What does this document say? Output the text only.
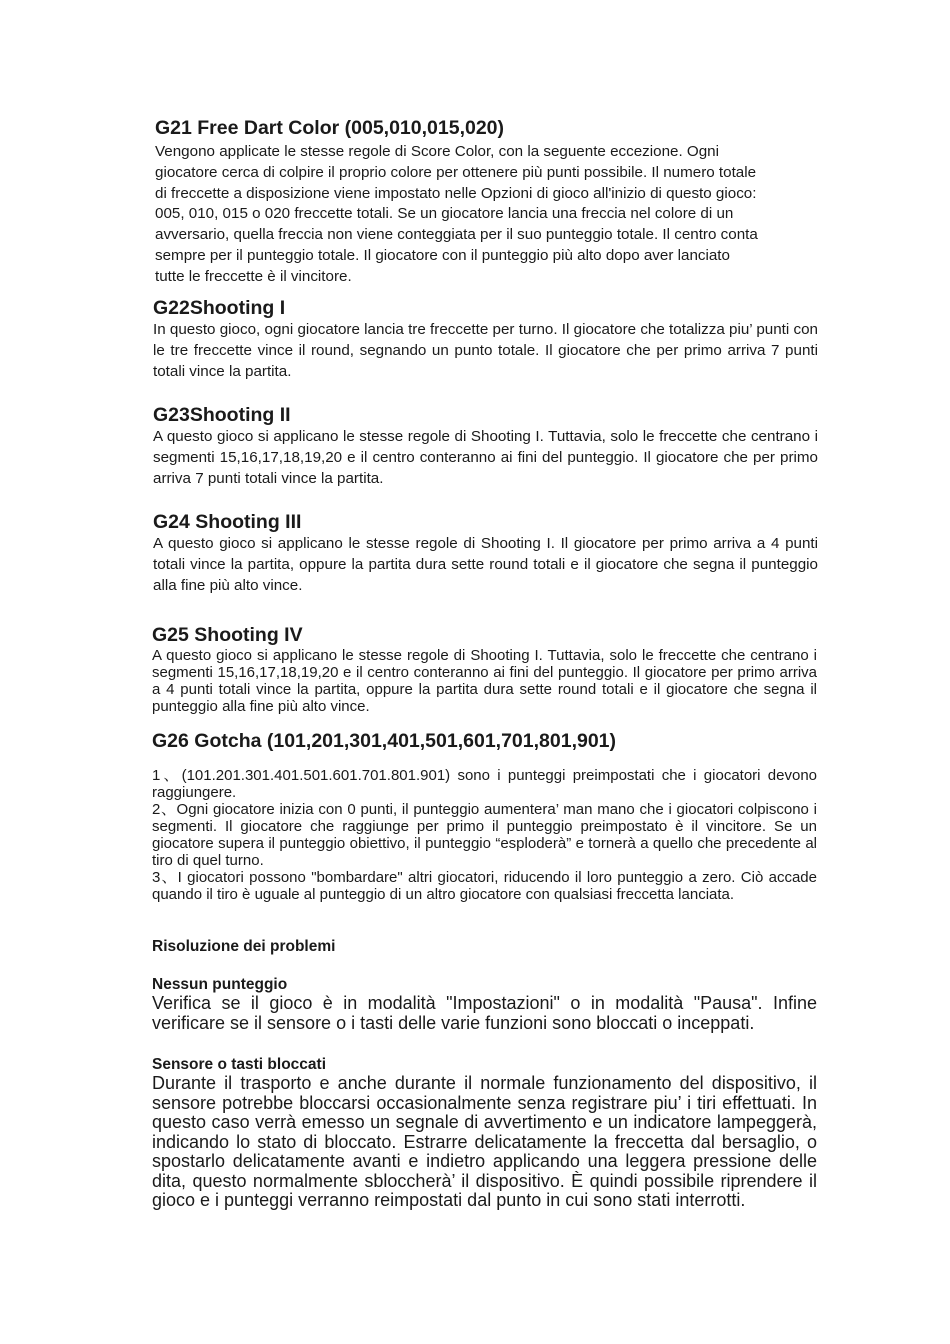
G21 Free Dart Color (005,010,015,020)

Vengono applicate le stesse regole di Score Color, con la seguente eccezione. Ogni

giocatore cerca di colpire il proprio colore per ottenere più punti possibile. Il numero totale

di freccette a disposizione viene impostato nelle Opzioni di gioco all'inizio di questo gioco:

005, 010, 015 o 020 freccette totali. Se un giocatore lancia una freccia nel colore di un

avversario, quella freccia non viene conteggiata per il suo punteggio totale. Il centro conta

sempre per il punteggio totale. Il giocatore con il punteggio più alto dopo aver lanciato

tutte le freccette è il vincitore.

G22Shooting I

In questo gioco, ogni giocatore lancia tre freccette per turno. Il giocatore che totalizza piu’ punti con le tre freccette vince il round, segnando un punto totale. Il giocatore che per primo arriva 7 punti totali vince la partita.

G23Shooting II

A questo gioco si applicano le stesse regole di Shooting I. Tuttavia, solo le freccette che centrano i segmenti 15,16,17,18,19,20 e il centro conteranno ai fini del punteggio. Il giocatore che per primo arriva 7 punti totali vince la partita.

G24 Shooting III

A questo gioco si applicano le stesse regole di Shooting I. Il giocatore per primo arriva a 4 punti totali vince la partita, oppure la partita dura sette round totali e il giocatore che segna il punteggio alla fine più alto vince.

G25 Shooting IV

A questo gioco si applicano le stesse regole di Shooting I. Tuttavia, solo le freccette che centrano i segmenti 15,16,17,18,19,20 e il centro conteranno ai fini del punteggio. Il giocatore per primo arriva a 4 punti totali vince la partita, oppure la partita dura sette round totali e il giocatore che segna il punteggio alla fine più alto vince.

G26 Gotcha (101,201,301,401,501,601,701,801,901)

1、(101.201.301.401.501.601.701.801.901) sono i punteggi preimpostati che i giocatori devono raggiungere.

2、Ogni giocatore inizia con 0 punti, il punteggio aumentera’ man mano che i giocatori colpiscono i segmenti. Il giocatore che raggiunge per primo il punteggio preimpostato è il vincitore. Se un giocatore supera il punteggio obiettivo, il punteggio “esploderà” e tornerà a quello che precedente al tiro di quel turno.

3、I giocatori possono "bombardare" altri giocatori, riducendo il loro punteggio a zero. Ciò accade quando il tiro è uguale al punteggio di un altro giocatore con qualsiasi freccetta lanciata.

Risoluzione dei problemi
Nessun punteggio

Verifica se il gioco è in modalità "Impostazioni" o in modalità "Pausa". Infine verificare se il sensore o i tasti delle varie funzioni sono bloccati o inceppati.

Sensore o tasti bloccati

Durante il trasporto e anche durante il normale funzionamento del dispositivo, il sensore potrebbe bloccarsi occasionalmente senza registrare piu’ i tiri effettuati. In questo caso verrà emesso un segnale di avvertimento e un indicatore lampeggerà, indicando lo stato di bloccato. Estrarre delicatamente la freccetta dal bersaglio, o spostarlo delicatamente avanti e indietro applicando una leggera pressione delle dita, questo normalmente sbloccherà’ il dispositivo. È quindi possibile riprendere il gioco e i punteggi verranno reimpostati dal punto in cui sono stati interrotti.
